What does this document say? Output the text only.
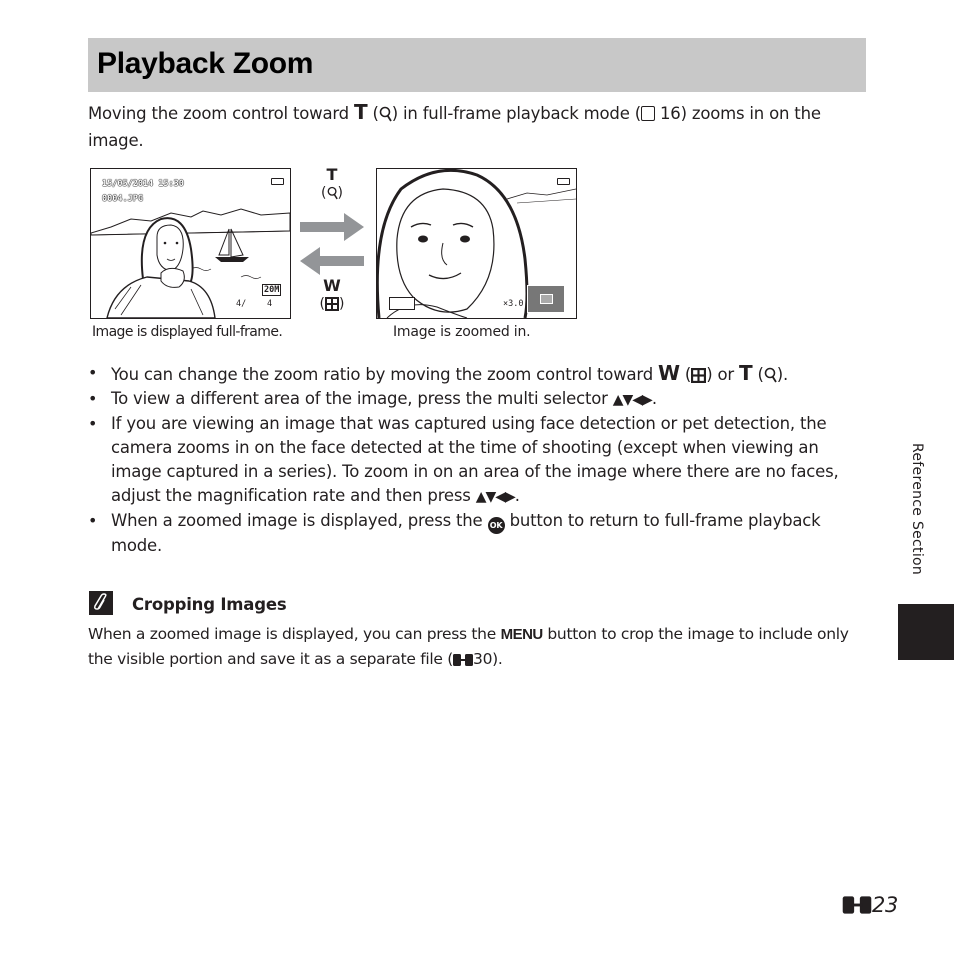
Playback Zoom
Moving the zoom control toward T ( ) in full-frame playback mode ( 16) zooms in on the image.
15/05/2014 15:30
0004.JPG
20M
4/ 4
T
( )
W
( )	×3.0
Image is displayed full-frame.	Image is zoomed in.
• You can change the zoom ratio by moving the zoom control toward W ( ) or T ( ).
• To view a different area of the image, press the multi selector ▲▼◀▶.
• If you are viewing an image that was captured using face detection or pet detection, the camera zooms in on the face detected at the time of shooting (except when viewing an image captured in a series). To zoom in on an area of the image where there are no faces, adjust the magnification rate and then press ▲▼◀▶.
• When a zoomed image is displayed, press the OK button to return to full-frame playback mode.
Cropping Images
When a zoomed image is displayed, you can press the MENU button to crop the image to include only the visible portion and save it as a separate file ( 30).
Reference Section
23
